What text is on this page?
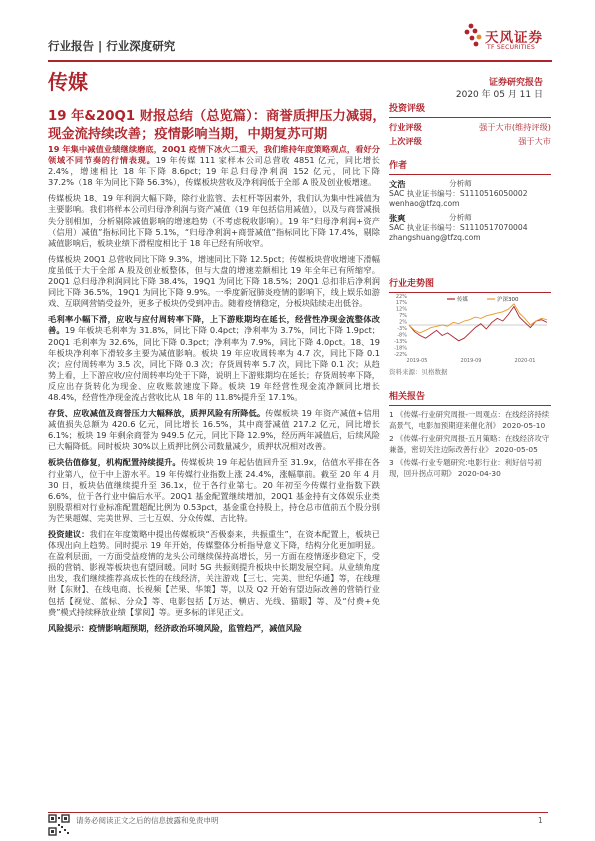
行业报告 | 行业深度研究	天风证券
TF SECURITIES
传媒	证券研究报告
2020 年 05 月 11 日
19 年&20Q1 财报总结（总览篇）：商誉质押压力减弱，现金流持续改善；疫情影响当期，中期复苏可期

19 年集中减值业绩继续磨底，20Q1 疫情下冰火二重天，我们维持年度策略观点，看好分领域不同节奏的行情表现。19 年传媒 111 家样本公司总营收 4851 亿元，同比增长 2.4%，增速相比 18 年下降 8.6pct；19 年总归母净利润 152 亿元，同比下降 37.2%（18 年为同比下降 56.3%），传媒板块营收及净利润低于全部 A 股及创业板增速。

传媒板块 18、19 年利润大幅下降，除行业监管、去杠杆等因素外，我们认为集中性减值为主要影响。我们将样本公司归母净利润与资产减值（19 年包括信用减值），以及与商誉减损失分别相加，分析剔除减值影响的增速趋势（不考虑税收影响）。19 年“归母净利润+资产（信用）减值”指标同比下降 5.1%，“归母净利润+商誉减值”指标同比下降 17.4%，剔除减值影响后，板块业绩下滑程度相比于 18 年已经有所收窄。

传媒板块 20Q1 总营收同比下降 9.3%，增速同比下降 12.5pct；传媒板块营收增速下滑幅度虽低于大于全部 A 股及创业板整体，但与大盘的增速差额相比 19 年全年已有所缩窄。20Q1 总归母净利润同比下降 38.4%，19Q1 为同比下降 18.5%；20Q1 总扣非后净利润同比下降 36.5%，19Q1 为同比下降 9.9%。一季度新冠肺炎疫情的影响下，线上娱乐如游戏、互联网营销受益外，更多子板块仍受到冲击。随着疫情稳定，分板块陆续走出低谷。

毛利率小幅下滑，应收与应付周转率下降，上下游账期均在延长，经营性净现金流整体改善。19 年板块毛利率为 31.8%，同比下降 0.4pct；净利率为 3.7%，同比下降 1.9pct；20Q1 毛利率为 32.6%，同比下降 0.3pct；净利率为 7.9%，同比下降 4.0pct。18、19 年板块净利率下滑较多主要为减值影响。板块 19 年应收周转率为 4.7 次，同比下降 0.1 次；应付周转率为 3.5 次，同比下降 0.3 次；存货周转率 5.7 次，同比下降 0.1 次；从趋势上看，上下游应收/应付周转率均处于下降，说明上下游账期均在延长；存货周转率下降，反应出存货转化为现金、应收账款速度下降。板块 19 年经营性现金流净额同比增长 48.4%，经营性净现金流占营收比从 18 年的 11.8%提升至 17.1%。

存货、应收减值及商誉压力大幅释放，质押风险有所降低。传媒板块 19 年资产减值+信用减值损失总额为 420.6 亿元，同比增长 16.5%，其中商誉减值 217.2 亿元，同比增长 6.1%；板块 19 年剩余商誉为 949.5 亿元，同比下降 12.9%，经历两年减值后，后续风险已大幅降低。同时板块 30%以上质押比例公司数量减少，质押状况相对改善。

板块估值修复，机构配置持续提升。传媒板块 19 年起估值回升至 31.9x，估值水平排在各行业第八，位于中上游水平。19 年传媒行业指数上涨 24.4%，涨幅靠前。截至 20 年 4 月 30 日，板块估值继续提升至 36.1x，位于各行业第七。20 年初至今传媒行业指数下跌 6.6%，位于各行业中偏后水平。20Q1 基金配置继续增加，20Q1 基金持有文体娱乐业类别股票相对行业标准配置超配比例为 0.53pct，基金重仓持股上，持仓总市值前五个股分别为芒果超媒、完美世界、三七互娱、分众传媒、吉比特。

投资建议：我们在年度策略中提出传媒板块“否极泰来，共振重生”，在资本配置上，板块已体现出向上趋势。同时提示 19 年开始，传媒整体分析指导意义下降，结构分化更加明显。在盈利层面，一方面受益疫情的龙头公司继续保持高增长，另一方面在疫情逐步稳定下，受损的营销、影视等板块也有望回暖。同时 5G 共振则提升板块中长期发展空间。从业绩角度出发，我们继续推荐高成长性的在线经济，关注游戏【三七、完美、世纪华通】等，在线理财【东财】、在线电商、长视频【芒果、华策】等，以及 Q2 开始有望边际改善的营销行业包括【视觉、蓝标、分众】等、电影包括【万达、横店、光线、猫眼】等、及“付费+免费”模式持续释放业绩【掌阅】等。更多标的详见正文。

风险提示：疫情影响超预期，经济政治环境风险，监管趋严，减值风险

投资评级
行业评级	强于大市(维持评级)
上次评级	强于大市
作者
文浩	分析师
SAC 执业证书编号：S1110516050002
wenhao@tfzq.com
张爽	分析师
SAC 执业证书编号：S1110517070004
zhangshuang@tfzq.com
行业走势图
22%
17%
12%
7%
2%
-3%
-8%
-13%
-18%
-22%
2019-05	2019-09	2020-01
传媒	沪深300
资料来源：贝格数据
相关报告

1 《传媒-行业研究周报-一周观点：在线经济持续高景气，电影加预期迎来催化剂》 2020-05-10

2 《传媒-行业研究周报-五月策略：在线经济攻守兼备，密切关注边际改善行业》 2020-05-05

3 《传媒-行业专题研究:电影行业：利好信号初现，回升拐点可期》 2020-04-30

请务必阅读正文之后的信息披露和免责申明	1
